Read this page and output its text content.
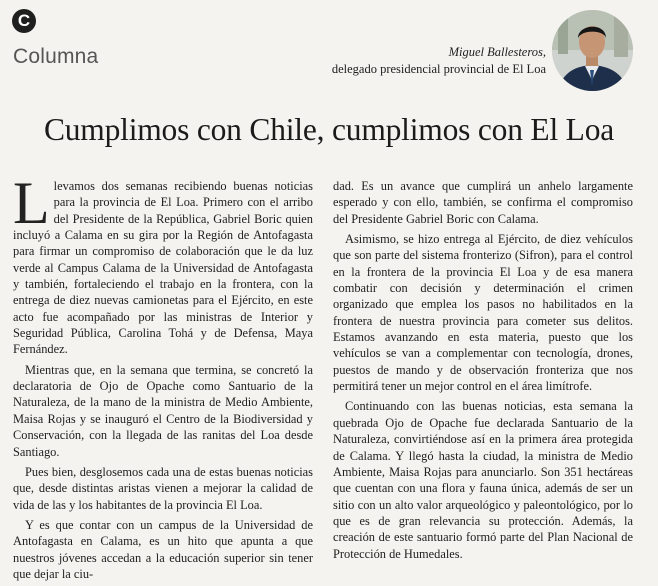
C
Columna	Miguel Ballesteros,
delegado presidencial provincial de El Loa
Cumplimos con Chile, cumplimos con El Loa

Llevamos dos semanas recibiendo buenas noticias para la provincia de El Loa. Primero con el arribo del Presidente de la República, Gabriel Boric quien incluyó a Calama en su gira por la Región de Antofagasta para firmar un compromiso de colaboración que le da luz verde al Campus Calama de la Universidad de Antofagasta y también, fortaleciendo el trabajo en la frontera, con la entrega de diez nuevas camionetas para el Ejército, en este acto fue acompañado por las ministras de Interior y Seguridad Pública, Carolina Tohá y de Defensa, Maya Fernández.

Mientras que, en la semana que termina, se concretó la declaratoria de Ojo de Opache como Santuario de la Naturaleza, de la mano de la ministra de Medio Ambiente, Maisa Rojas y se inauguró el Centro de la Biodiversidad y Conservación, con la llegada de las ranitas del Loa desde Santiago.

Pues bien, desglosemos cada una de estas buenas noticias que, desde distintas aristas vienen a mejorar la calidad de vida de las y los habitantes de la provincia El Loa.

Y es que contar con un campus de la Universidad de Antofagasta en Calama, es un hito que apunta a que nuestros jóvenes accedan a la educación superior sin tener que dejar la ciu-

dad. Es un avance que cumplirá un anhelo largamente esperado y con ello, también, se confirma el compromiso del Presidente Gabriel Boric con Calama.

Asimismo, se hizo entrega al Ejército, de diez vehículos que son parte del sistema fronterizo (Sifron), para el control en la frontera de la provincia El Loa y de esa manera combatir con decisión y determinación el crimen organizado que emplea los pasos no habilitados en la frontera de nuestra provincia para cometer sus delitos. Estamos avanzando en esta materia, puesto que los vehículos se van a complementar con tecnología, drones, puestos de mando y de observación fronteriza que nos permitirá tener un mejor control en el área limítrofe.

Continuando con las buenas noticias, esta semana la quebrada Ojo de Opache fue declarada Santuario de la Naturaleza, convirtiéndose así en la primera área protegida de Calama. Y llegó hasta la ciudad, la ministra de Medio Ambiente, Maisa Rojas para anunciarlo. Son 351 hectáreas que cuentan con una flora y fauna única, además de ser un sitio con un alto valor arqueológico y paleontológico, por lo que es de gran relevancia su protección. Además, la creación de este santuario formó parte del Plan Nacional de Protección de Humedales.
